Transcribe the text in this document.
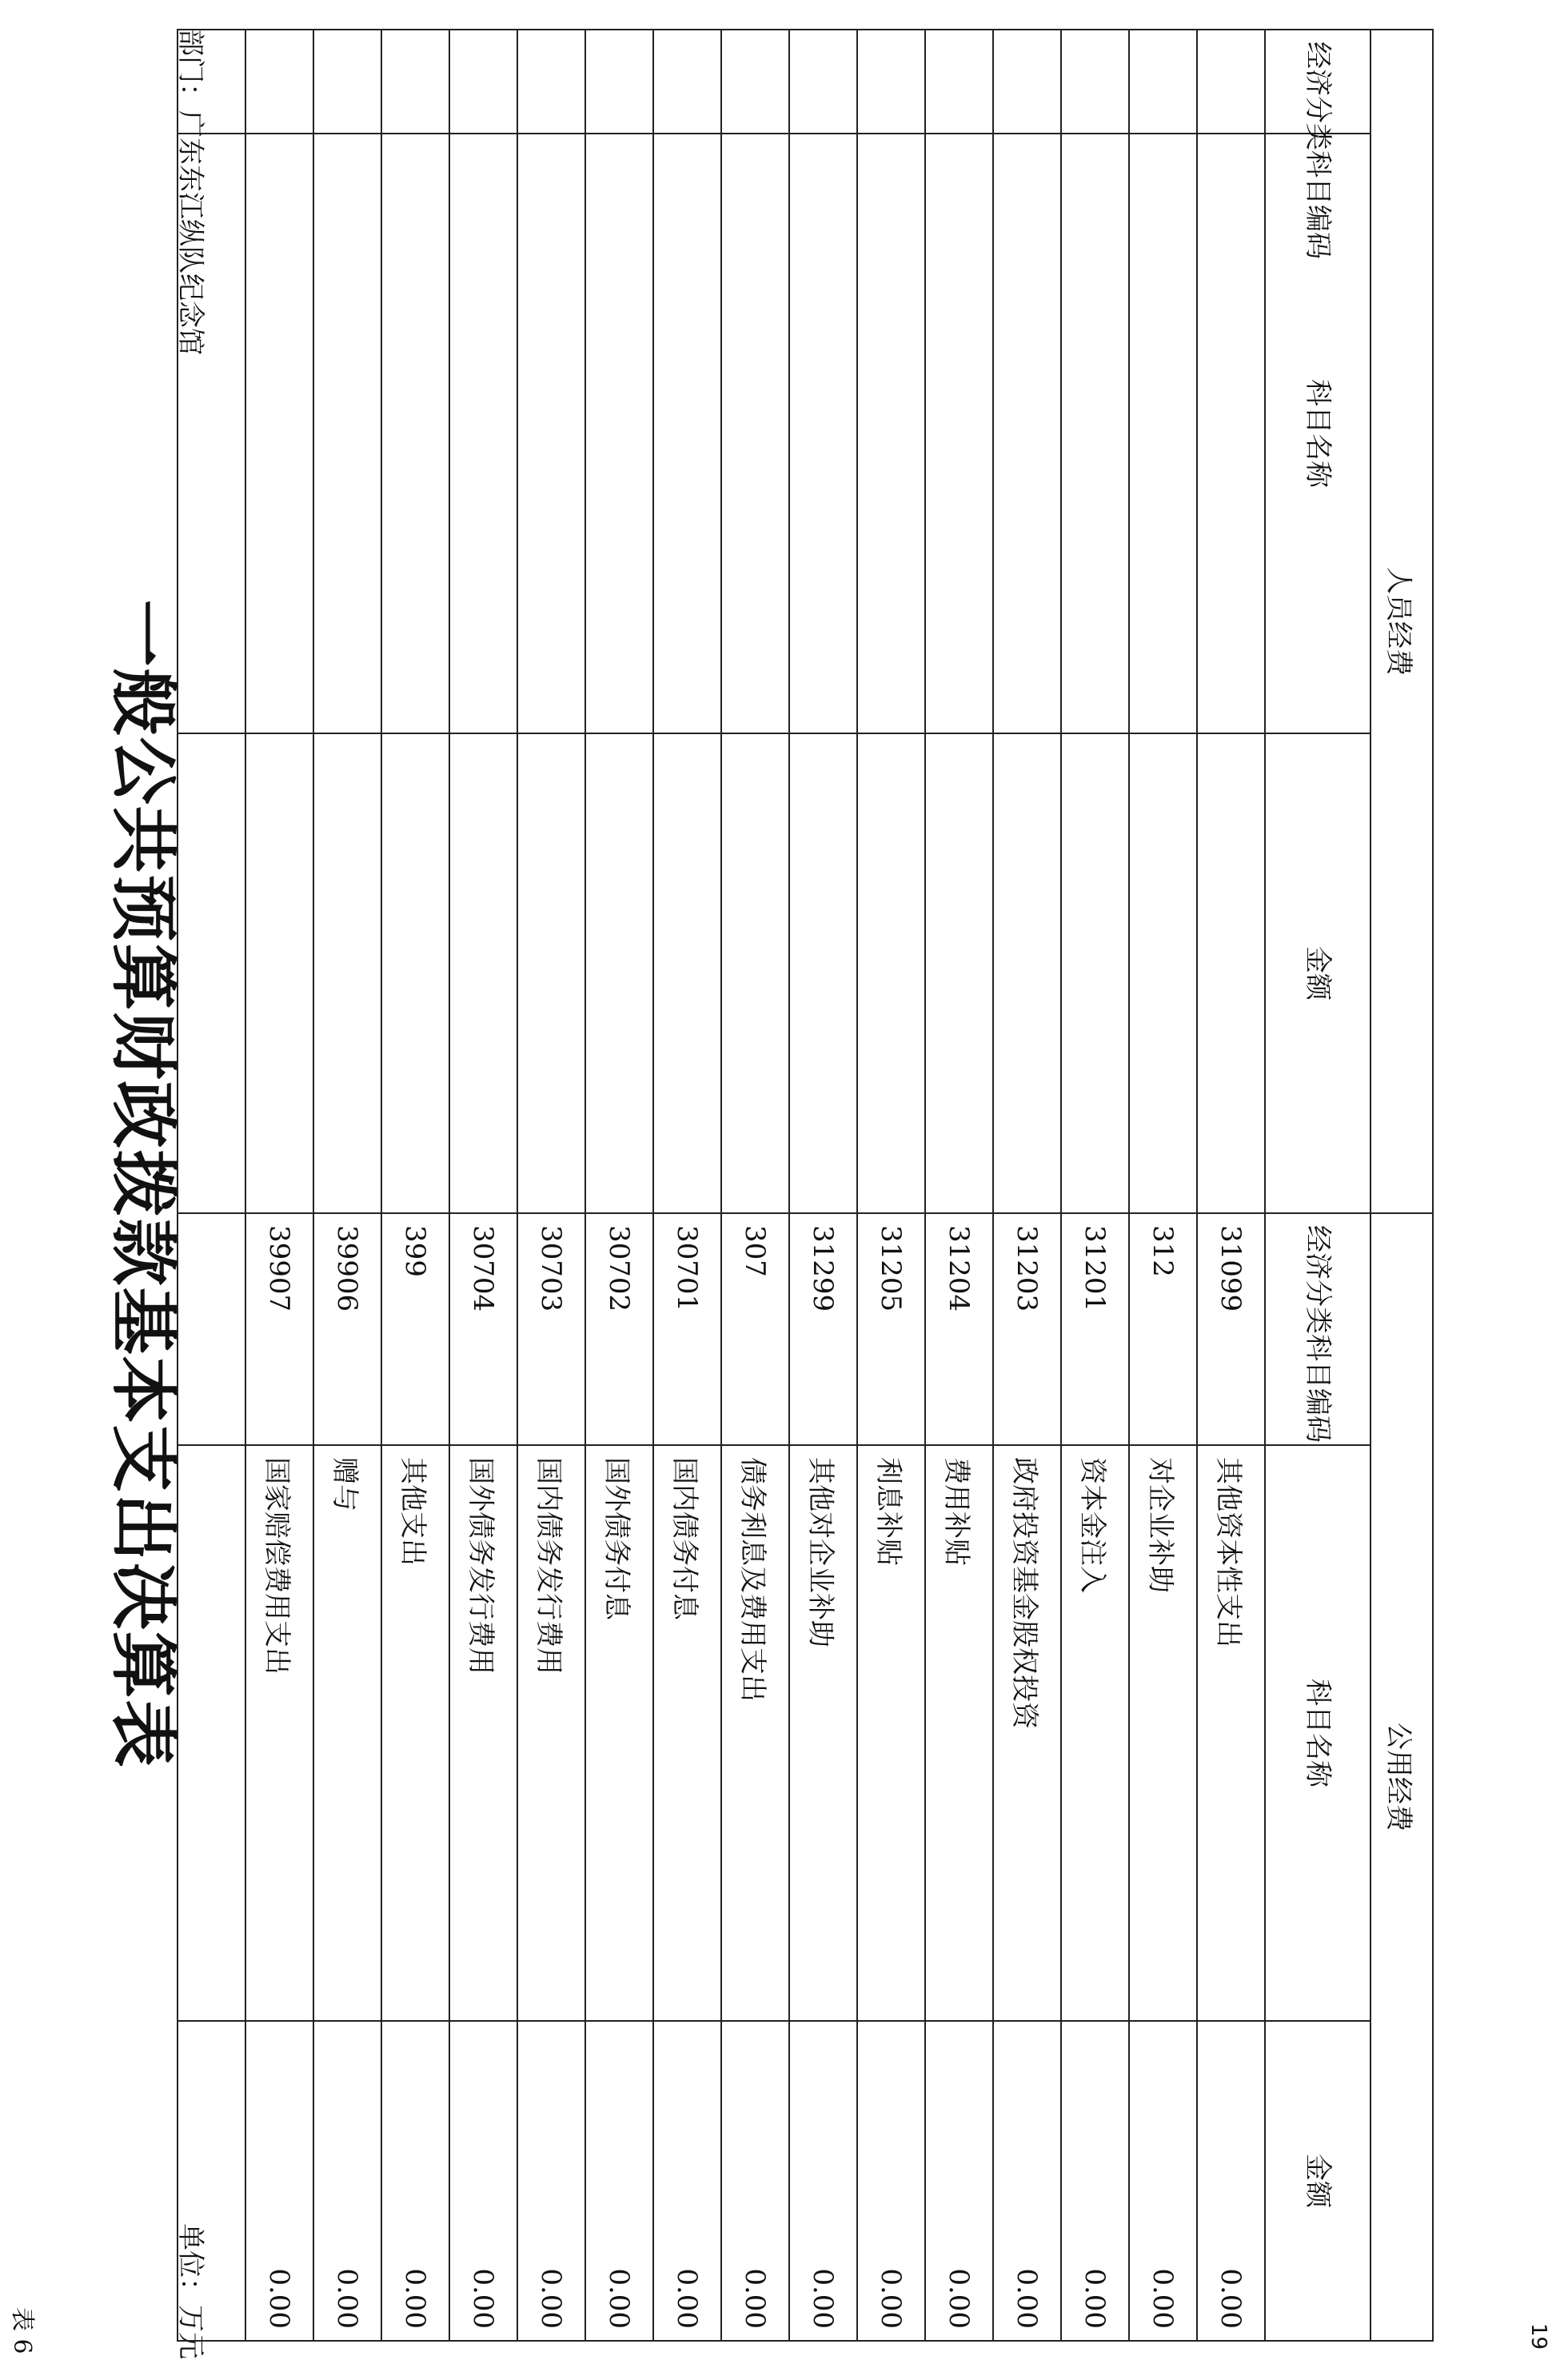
表 6	19
一般公共预算财政拨款基本支出决算表
部门：广东东江纵队纪念馆
单位：万元
人员经费			公用经费		
经济分类科目编码	科目名称	金额	经济分类科目编码	科目名称	金额
			31099	其他资本性支出	0.00
			312	对企业补助	0.00
			31201	资本金注入	0.00
			31203	政府投资基金股权投资	0.00
			31204	费用补贴	0.00
			31205	利息补贴	0.00
			31299	其他对企业补助	0.00
			307	债务利息及费用支出	0.00
			30701	国内债务付息	0.00
			30702	国外债务付息	0.00
			30703	国内债务发行费用	0.00
			30704	国外债务发行费用	0.00
			399	其他支出	0.00
			39906	赠与	0.00
			39907	国家赔偿费用支出	0.00
